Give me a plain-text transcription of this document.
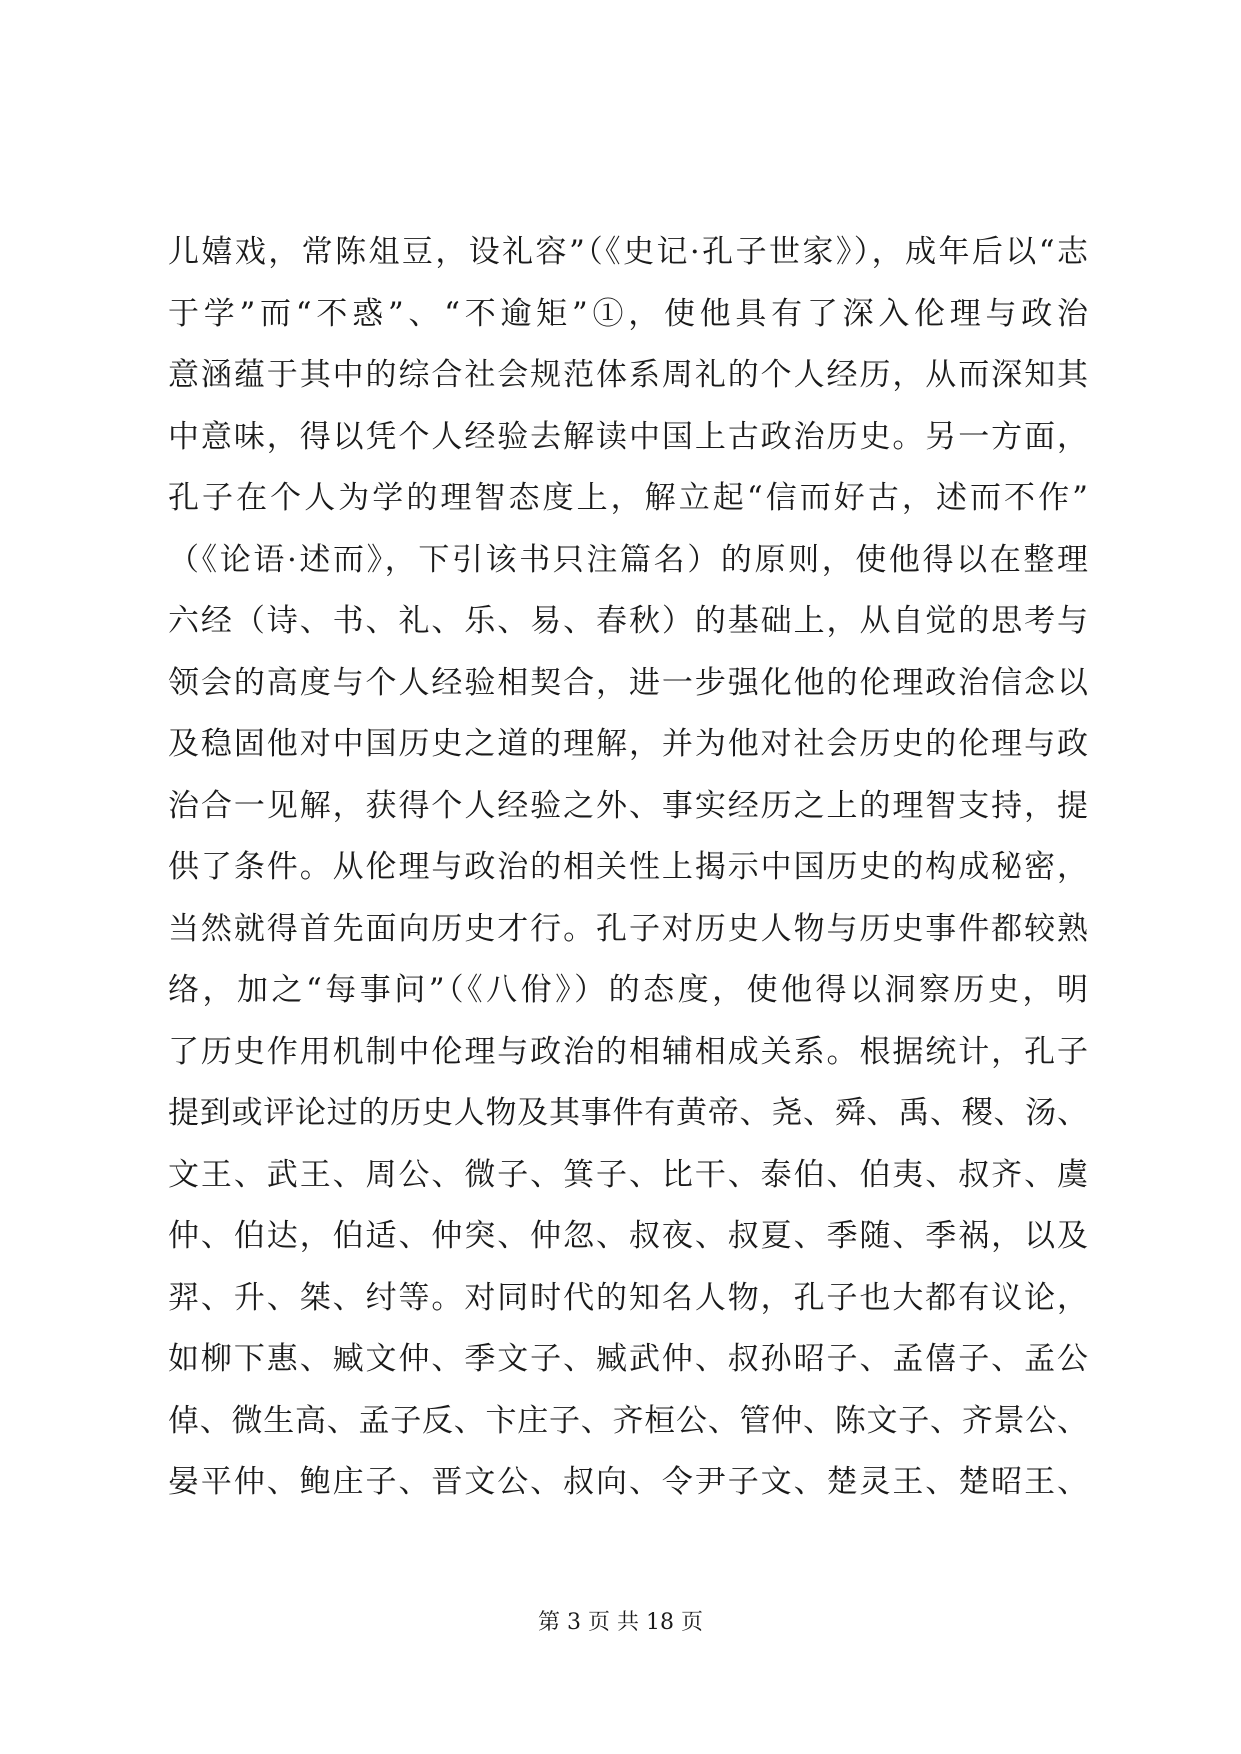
儿嬉戏，常陈俎豆，设礼容”（《史记·孔子世家》），成年后以“志
于学”而“不惑”、“不逾矩”①，使他具有了深入伦理与政治
意涵蕴于其中的综合社会规范体系周礼的个人经历，从而深知其
中意味，得以凭个人经验去解读中国上古政治历史。另一方面，
孔子在个人为学的理智态度上，解立起“信而好古，述而不作”
（《论语·述而》，下引该书只注篇名）的原则，使他得以在整理
六经（诗、书、礼、乐、易、春秋）的基础上，从自觉的思考与
领会的高度与个人经验相契合，进一步强化他的伦理政治信念以
及稳固他对中国历史之道的理解，并为他对社会历史的伦理与政
治合一见解，获得个人经验之外、事实经历之上的理智支持，提
供了条件。从伦理与政治的相关性上揭示中国历史的构成秘密，
当然就得首先面向历史才行。孔子对历史人物与历史事件都较熟
络，加之“每事问”（《八佾》）的态度，使他得以洞察历史，明
了历史作用机制中伦理与政治的相辅相成关系。根据统计，孔子
提到或评论过的历史人物及其事件有黄帝、尧、舜、禹、稷、汤、
文王、武王、周公、微子、箕子、比干、泰伯、伯夷、叔齐、虞
仲、伯达，伯适、仲突、仲忽、叔夜、叔夏、季随、季祸，以及
羿、升、桀、纣等。对同时代的知名人物，孔子也大都有议论，
如柳下惠、臧文仲、季文子、臧武仲、叔孙昭子、孟僖子、孟公
倬、微生高、孟子反、卞庄子、齐桓公、管仲、陈文子、齐景公、
晏平仲、鲍庄子、晋文公、叔向、令尹子文、楚灵王、楚昭王、
第 3 页 共 18 页
